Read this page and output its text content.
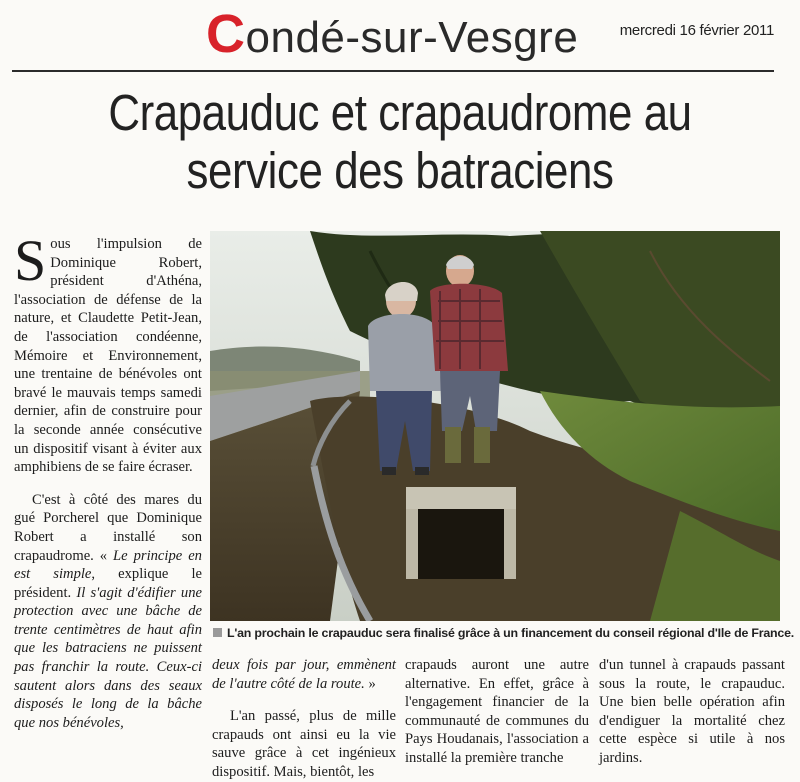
Condé-sur-Vesgre	mercredi 16 février 2011
Crapauduc et crapaudrome au
service des batraciens

Sous l'impulsion de Dominique Robert, président d'Athéna, l'association de défense de la nature, et Claudette Petit-Jean, de l'association condéenne, Mémoire et Environnement, une trentaine de bénévoles ont bravé le mauvais temps samedi dernier, afin de construire pour la seconde année consécutive un dispositif visant à éviter aux amphibiens de se faire écraser.

C'est à côté des mares du gué Porcherel que Dominique Robert a installé son crapaudrome. « Le principe en est simple, explique le président. Il s'agit d'édifier une protection avec une bâche de trente centimètres de haut afin que les batraciens ne puissent pas franchir la route. Ceux-ci sautent alors dans des seaux disposés le long de la bâche que nos bénévoles,

L'an prochain le crapauduc sera finalisé grâce à un financement du conseil régional d'Ile de France.

deux fois par jour, emmènent de l'autre côté de la route. »

L'an passé, plus de mille crapauds ont ainsi eu la vie sauve grâce à cet ingénieux dispositif. Mais, bientôt, les

crapauds auront une autre alternative. En effet, grâce à l'engagement financier de la communauté de communes du Pays Houdanais, l'association a installé la première tranche

d'un tunnel à crapauds passant sous la route, le crapauduc. Une bien belle opération afin d'endiguer la mortalité chez cette espèce si utile à nos jardins.
